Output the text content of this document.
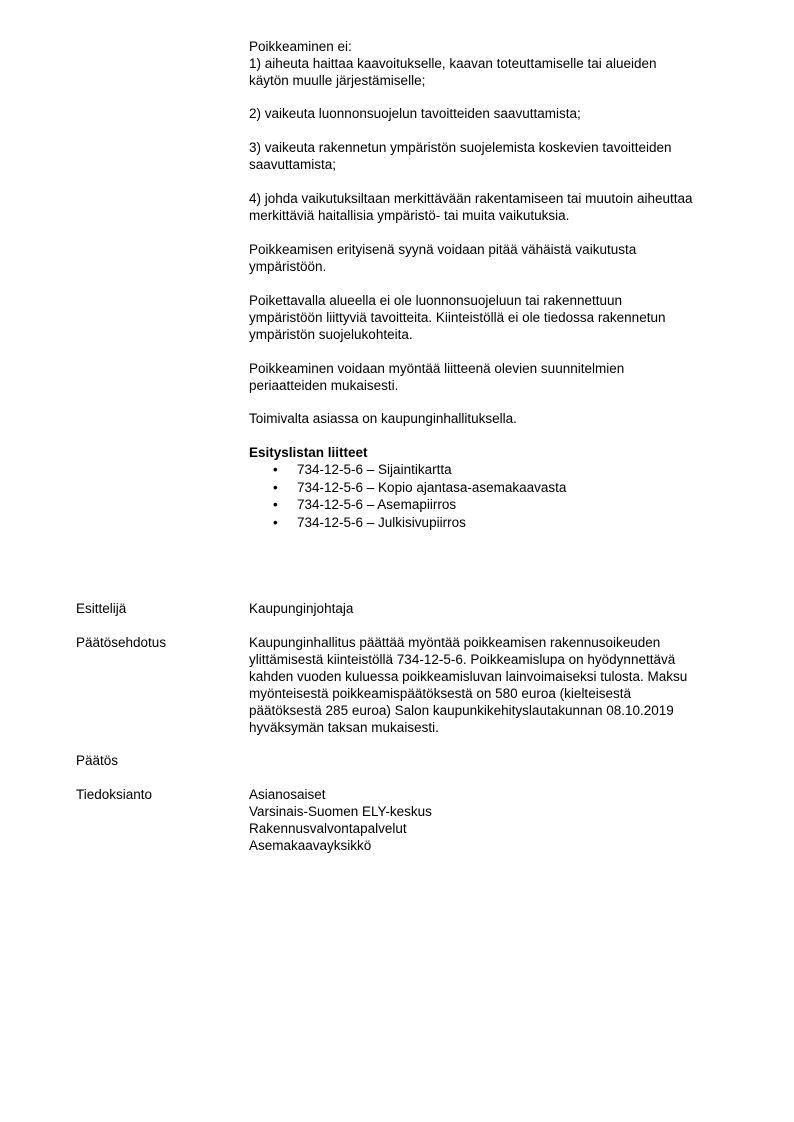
Poikkeaminen ei:
1) aiheuta haittaa kaavoitukselle, kaavan toteuttamiselle tai alueiden
käytön muulle järjestämiselle;
2) vaikeuta luonnonsuojelun tavoitteiden saavuttamista;
3) vaikeuta rakennetun ympäristön suojelemista koskevien tavoitteiden
saavuttamista;
4) johda vaikutuksiltaan merkittävään rakentamiseen tai muutoin aiheuttaa
merkittäviä haitallisia ympäristö- tai muita vaikutuksia.
Poikkeamisen erityisenä syynä voidaan pitää vähäistä vaikutusta
ympäristöön.
Poikettavalla alueella ei ole luonnonsuojeluun tai rakennettuun
ympäristöön liittyviä tavoitteita. Kiinteistöllä ei ole tiedossa rakennetun
ympäristön suojelukohteita.
Poikkeaminen voidaan myöntää liitteenä olevien suunnitelmien
periaatteiden mukaisesti.
Toimivalta asiassa on kaupunginhallituksella.
Esityslistan liitteet
• 734-12-5-6 – Sijaintikartta
• 734-12-5-6 – Kopio ajantasa-asemakaavasta
• 734-12-5-6 – Asemapiirros
• 734-12-5-6 – Julkisivupiirros
Esittelijä	Kaupunginjohtaja
Päätösehdotus	Kaupunginhallitus päättää myöntää poikkeamisen rakennusoikeuden
ylittämisestä kiinteistöllä 734-12-5-6. Poikkeamislupa on hyödynnettävä
kahden vuoden kuluessa poikkeamisluvan lainvoimaiseksi tulosta. Maksu
myönteisestä poikkeamispäätöksestä on 580 euroa (kielteisestä
päätöksestä 285 euroa) Salon kaupunkikehityslautakunnan 08.10.2019
hyväksymän taksan mukaisesti.
Päätös
Tiedoksianto	Asianosaiset
Varsinais-Suomen ELY-keskus
Rakennusvalvontapalvelut
Asemakaavayksikkö
